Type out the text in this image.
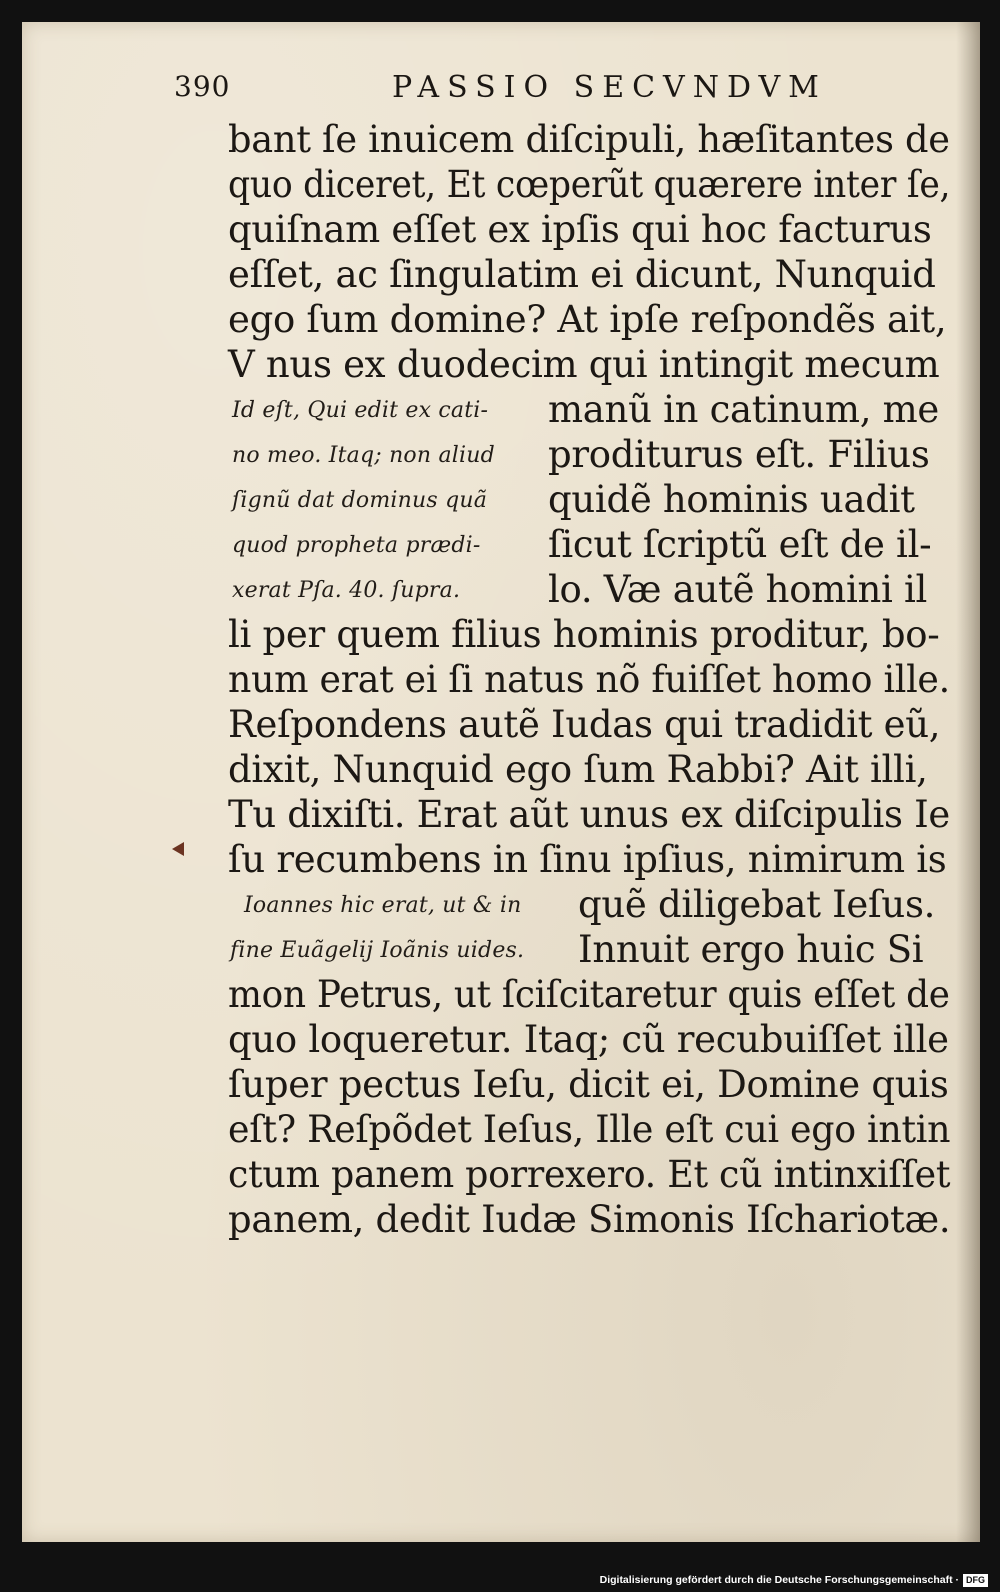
390	PASSIO SECVNDVM
bant ſe inuicem diſcipuli, hæſitantes de
quo diceret, Et cœperũt quærere inter ſe,
quiſnam eſſet ex ipſis qui hoc facturus
eſſet, ac ſingulatim ei dicunt, Nunquid
ego ſum domine? At ipſe reſpondẽs ait,
V nus ex duodecim qui intingit mecum
Id eſt, Qui edit ex cati-
no meo. Itaq; non aliud
ſignũ dat dominus quã
quod propheta prædi-
xerat Pſa. 40. ſupra.
manũ in catinum, me
proditurus eſt. Filius
quidẽ hominis uadit
ſicut ſcriptũ eſt de il-
lo. Væ autẽ homini il
li per quem filius hominis proditur, bo-
num erat ei ſi natus nõ fuiſſet homo ille.
Reſpondens autẽ Iudas qui tradidit eũ,
dixit, Nunquid ego ſum Rabbi? Ait illi,
Tu dixiſti. Erat aũt unus ex diſcipulis Ie
ſu recumbens in ſinu ipſius, nimirum is
Ioannes hic erat, ut & in quẽ diligebat Ieſus.
fine Euãgelij Ioãnis uides. Innuit ergo huic Si
mon Petrus, ut ſciſcitaretur quis eſſet de
quo loqueretur. Itaq; cũ recubuiſſet ille
ſuper pectus Ieſu, dicit ei, Domine quis
eſt? Reſpõdet Ieſus, Ille eſt cui ego intin
ctum panem porrexero. Et cũ intinxiſſet
panem, dedit Iudæ Simonis Iſchariotæ.
Digitalisierung gefördert durch die Deutsche Forschungsgemeinschaft · DFG
